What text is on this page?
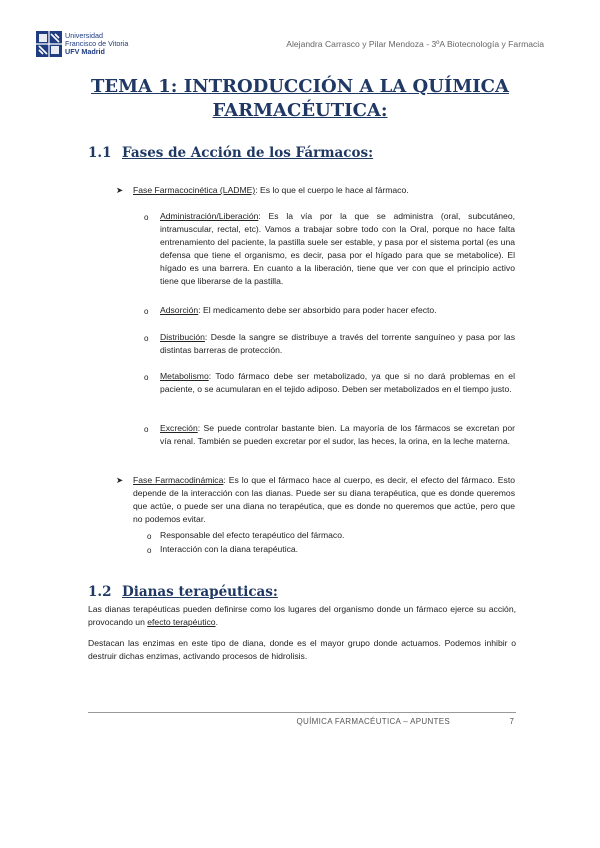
Universidad
Francisco de Vitoria
UFV Madrid
Alejandra Carrasco y Pilar Mendoza - 3ºA Biotecnología y Farmacia
TEMA 1: INTRODUCCIÓN A LA QUÍMICA
FARMACÉUTICA:
1.1 Fases de Acción de los Fármacos:
➤ Fase Farmacocinética (LADME): Es lo que el cuerpo le hace al fármaco.
o Administración/Liberación: Es la vía por la que se administra (oral, subcutáneo, intramuscular, rectal, etc). Vamos a trabajar sobre todo con la Oral, porque no hace falta entrenamiento del paciente, la pastilla suele ser estable, y pasa por el sistema portal (es una defensa que tiene el organismo, es decir, pasa por el hígado para que se metabolice). El hígado es una barrera. En cuanto a la liberación, tiene que ver con que el principio activo tiene que liberarse de la pastilla.
o Adsorción: El medicamento debe ser absorbido para poder hacer efecto.
o Distribución: Desde la sangre se distribuye a través del torrente sanguíneo y pasa por las distintas barreras de protección.
o Metabolismo: Todo fármaco debe ser metabolizado, ya que si no dará problemas en el paciente, o se acumularan en el tejido adiposo. Deben ser metabolizados en el tiempo justo.
o Excreción: Se puede controlar bastante bien. La mayoría de los fármacos se excretan por vía renal. También se pueden excretar por el sudor, las heces, la orina, en la leche materna.
➤ Fase Farmacodinámica: Es lo que el fármaco hace al cuerpo, es decir, el efecto del fármaco. Esto depende de la interacción con las dianas. Puede ser su diana terapéutica, que es donde queremos que actúe, o puede ser una diana no terapéutica, que es donde no queremos que actúe, pero que no podemos evitar.
o Responsable del efecto terapéutico del fármaco.
o Interacción con la diana terapéutica.
1.2 Dianas terapéuticas:
Las dianas terapéuticas pueden definirse como los lugares del organismo donde un fármaco ejerce su acción, provocando un efecto terapéutico.
Destacan las enzimas en este tipo de diana, donde es el mayor grupo donde actuamos. Podemos inhibir o destruir dichas enzimas, activando procesos de hidrolisis.
QUÍMICA FARMACÉUTICA – APUNTES	7
